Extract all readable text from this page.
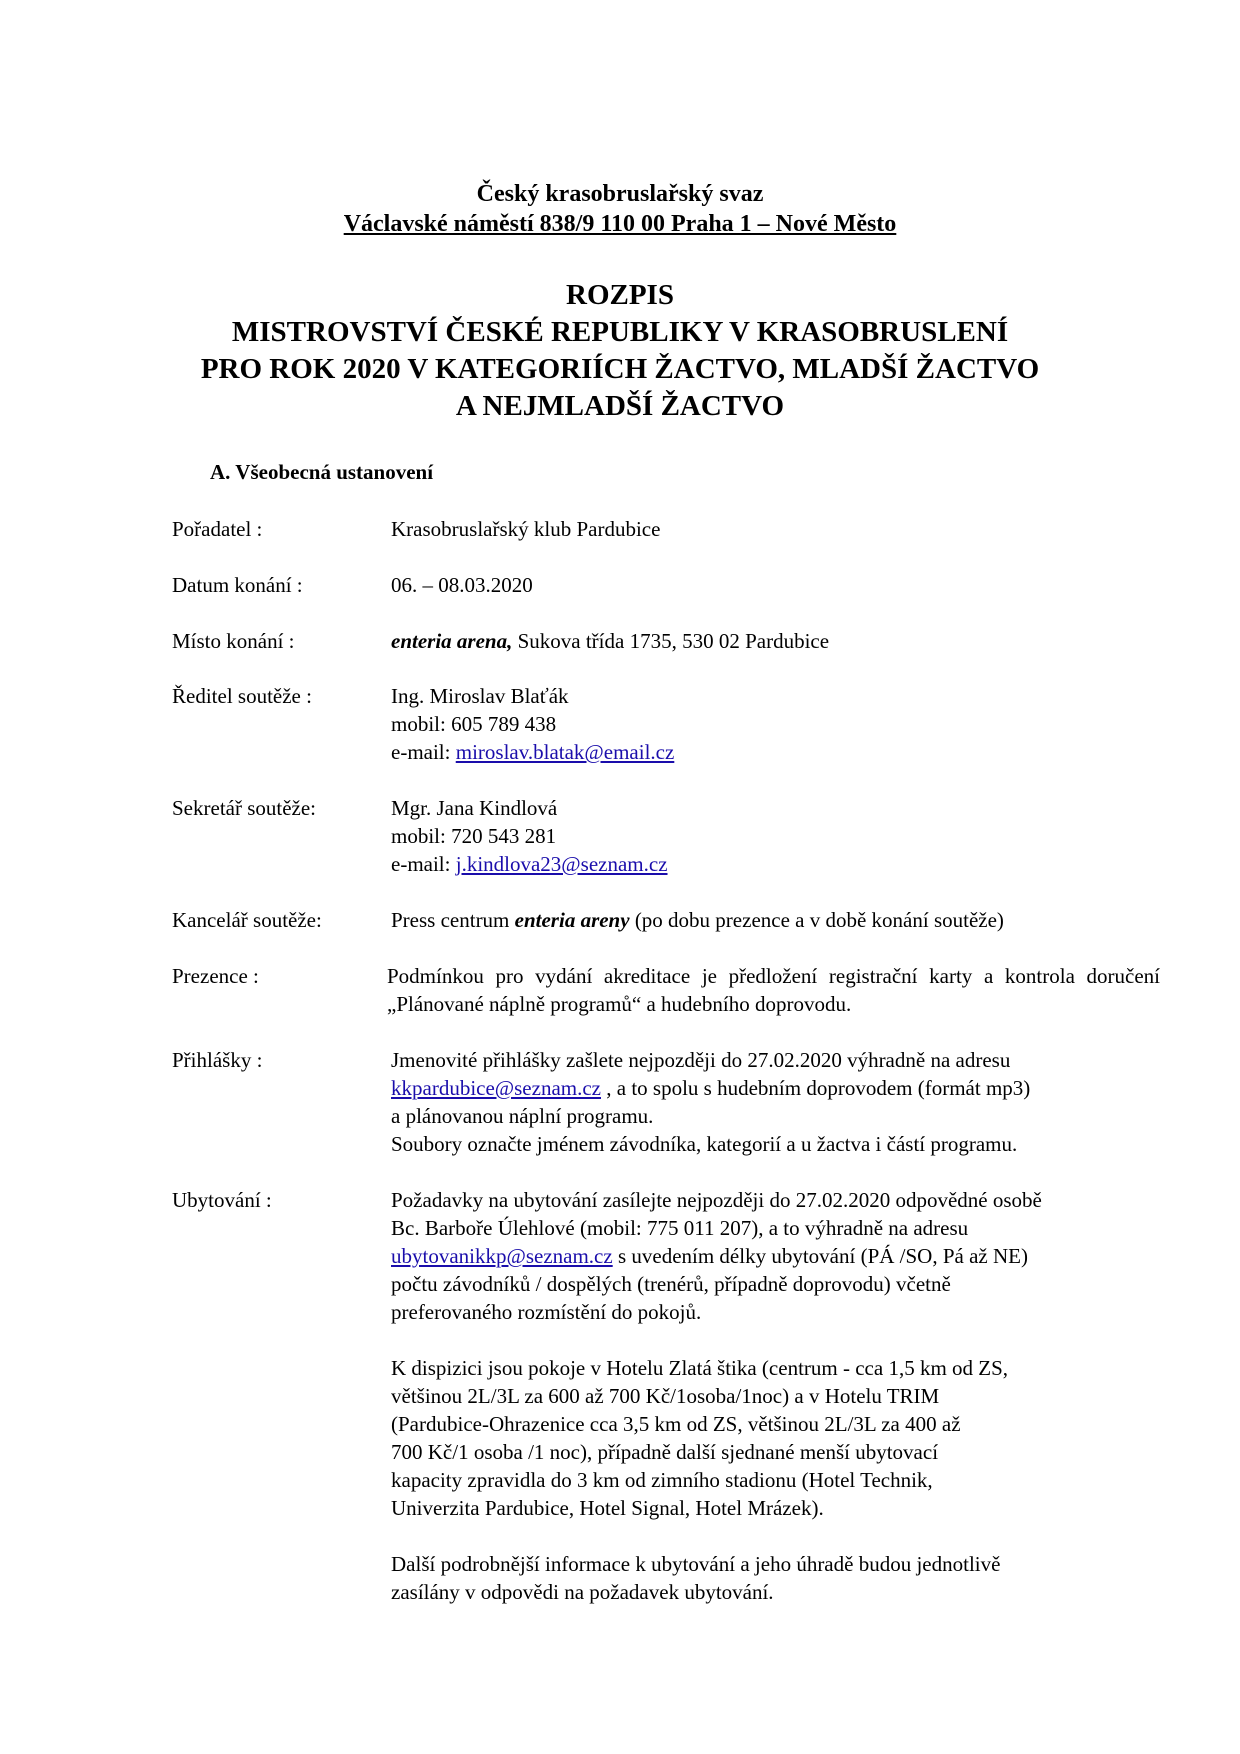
Český krasobruslařský svaz
Václavské náměstí 838/9 110 00 Praha 1 – Nové Město
ROZPIS
MISTROVSTVÍ ČESKÉ REPUBLIKY V KRASOBRUSLENÍ
PRO ROK 2020 V KATEGORIÍCH ŽACTVO, MLADŠÍ ŽACTVO
A NEJMLADŠÍ ŽACTVO
A. Všeobecná ustanovení
Pořadatel :	Krasobruslařský klub Pardubice
Datum konání :	06. – 08.03.2020
Místo konání :	enteria arena, Sukova třída 1735, 530 02 Pardubice
Ředitel soutěže :	Ing. Miroslav Blaťák
mobil: 605 789 438
e-mail: miroslav.blatak@email.cz
Sekretář soutěže:	Mgr. Jana Kindlová
mobil: 720 543 281
e-mail: j.kindlova23@seznam.cz
Kancelář soutěže:	Press centrum enteria areny (po dobu prezence a v době konání soutěže)
Prezence :	Podmínkou pro vydání akreditace je předložení registrační karty a kontrola doručení „Plánované náplně programů“ a hudebního doprovodu.
Přihlášky :	Jmenovité přihlášky zašlete nejpozději do 27.02.2020 výhradně na adresu
kkpardubice@seznam.cz , a to spolu s hudebním doprovodem (formát mp3)
a plánovanou náplní programu.
Soubory označte jménem závodníka, kategorií a u žactva i částí programu.
Ubytování :	Požadavky na ubytování zasílejte nejpozději do 27.02.2020 odpovědné osobě
Bc. Barboře Úlehlové (mobil: 775 011 207), a to výhradně na adresu
ubytovanikkp@seznam.cz s uvedením délky ubytování (PÁ /SO, Pá až NE)
počtu závodníků / dospělých (trenérů, případně doprovodu) včetně
preferovaného rozmístění do pokojů.
K dispizici jsou pokoje v Hotelu Zlatá štika (centrum - cca 1,5 km od ZS,
většinou 2L/3L za 600 až 700 Kč/1osoba/1noc) a v Hotelu TRIM
(Pardubice-Ohrazenice cca 3,5 km od ZS, většinou 2L/3L za 400 až
700 Kč/1 osoba /1 noc), případně další sjednané menší ubytovací
kapacity zpravidla do 3 km od zimního stadionu (Hotel Technik,
Univerzita Pardubice, Hotel Signal, Hotel Mrázek).
Další podrobnější informace k ubytování a jeho úhradě budou jednotlivě
zasílány v odpovědi na požadavek ubytování.
